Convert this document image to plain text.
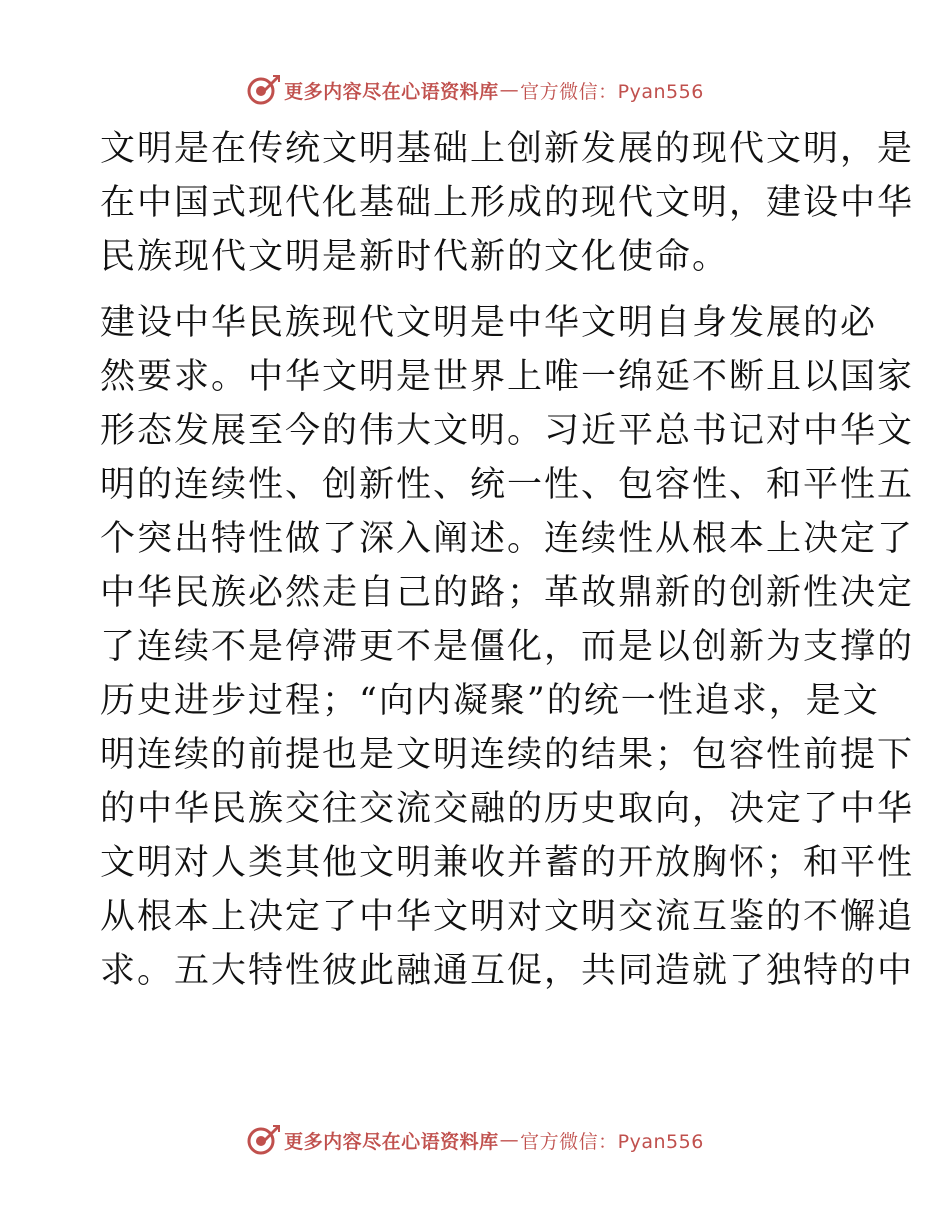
更多内容尽在心语资料库 — 官方微信：Pyan556

文明是在传统文明基础上创新发展的现代文明，是
在中国式现代化基础上形成的现代文明，建设中华
民族现代文明是新时代新的文化使命。

建设中华民族现代文明是中华文明自身发展的必
然要求。中华文明是世界上唯一绵延不断且以国家
形态发展至今的伟大文明。习近平总书记对中华文
明的连续性、创新性、统一性、包容性、和平性五
个突出特性做了深入阐述。连续性从根本上决定了
中华民族必然走自己的路；革故鼎新的创新性决定
了连续不是停滞更不是僵化，而是以创新为支撑的
历史进步过程；“向内凝聚”的统一性追求，是文
明连续的前提也是文明连续的结果；包容性前提下
的中华民族交往交流交融的历史取向，决定了中华
文明对人类其他文明兼收并蓄的开放胸怀；和平性
从根本上决定了中华文明对文明交流互鉴的不懈追
求。五大特性彼此融通互促，共同造就了独特的中

更多内容尽在心语资料库 — 官方微信：Pyan556
